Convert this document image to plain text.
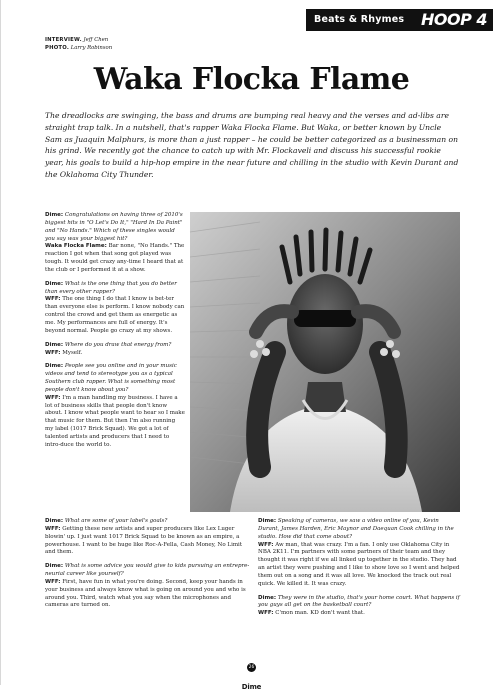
Beats & Rhymes HOOP 4
INTERVIEW. Jeff Chen
PHOTO. Larry Robinson
Waka Flocka Flame

The dreadlocks are swinging, the bass and drums are bumping real heavy and the verses and ad-libs are straight trap talk. In a nutshell, that's rapper Waka Flocka Flame. But Waka, or better known by Uncle Sam as Juaquin Malphurs, is more than a just rapper – he could be better categorized as a businessman on his grind. We recently got the chance to catch up with Mr. Flockaveli and discuss his successful rookie year, his goals to build a hip-hop empire in the near future and chilling in the studio with Kevin Durant and the Oklahoma City Thunder.

Dime: Congratulations on having three of 2010's biggest hits in "O Let's Do It," "Hard In Da Paint" and "No Hands." Which of these singles would you say was your biggest hit?
Waka Flocka Flame: Bar none, "No Hands." The reaction I got when that song got played was tough. It would get crazy any-time I heard that at the club or I performed it at a show.

Dime: What is the one thing that you do better than every other rapper?
WFF: The one thing I do that I know is bet-ter than everyone else is perform. I know nobody can control the crowd and get them as energetic as me. My performances are full of energy. It's beyond normal. People go crazy at my shows.

Dime: Where do you draw that energy from?
WFF: Myself.

Dime: People see you online and in your music videos and tend to stereotype you as a typical Southern club rapper. What is something most people don't know about you?
WFF: I'm a man handling my business. I have a lot of business skills that people don't know about. I know what people want to hear so I make that music for them. But then I'm also running my label (1017 Brick Squad). We got a lot of talented artists and producers that I need to intro-duce the world to.

Dime: What are some of your label's goals?
WFF: Getting these new artists and super producers like Lex Luger blowin' up. I just want 1017 Brick Squad to be known as an empire, a powerhouse. I want to be huge like Roc-A-Fella, Cash Money, No Limit and them.

Dime: What is some advice you would give to kids pursuing an entrepre-neurial career like yourself?
WFF: First, have fun in what you're doing. Second, keep your hands in your business and always know what is going on around you and who is around you. Third, watch what you say when the microphones and cameras are turned on.

Dime: Speaking of cameras, we saw a video online of you, Kevin Durant, James Harden, Eric Maynor and Daequan Cook chilling in the studio. How did that come about?
WFF: Aw man, that was crazy. I'm a fan. I only use Oklahoma City in NBA 2K11. I'm partners with some partners of their team and they thought it was right if we all linked up together in the studio. They had an artist they were pushing and I like to show love so I went and helped them out on a song and it was all love. We knocked the track out real quick. We killed it. It was crazy.

Dime: They were in the studio, that's your home court. What happens if you guys all get on the basketball court?
WFF: C'mon man. KD don't want that.

26
Dime
